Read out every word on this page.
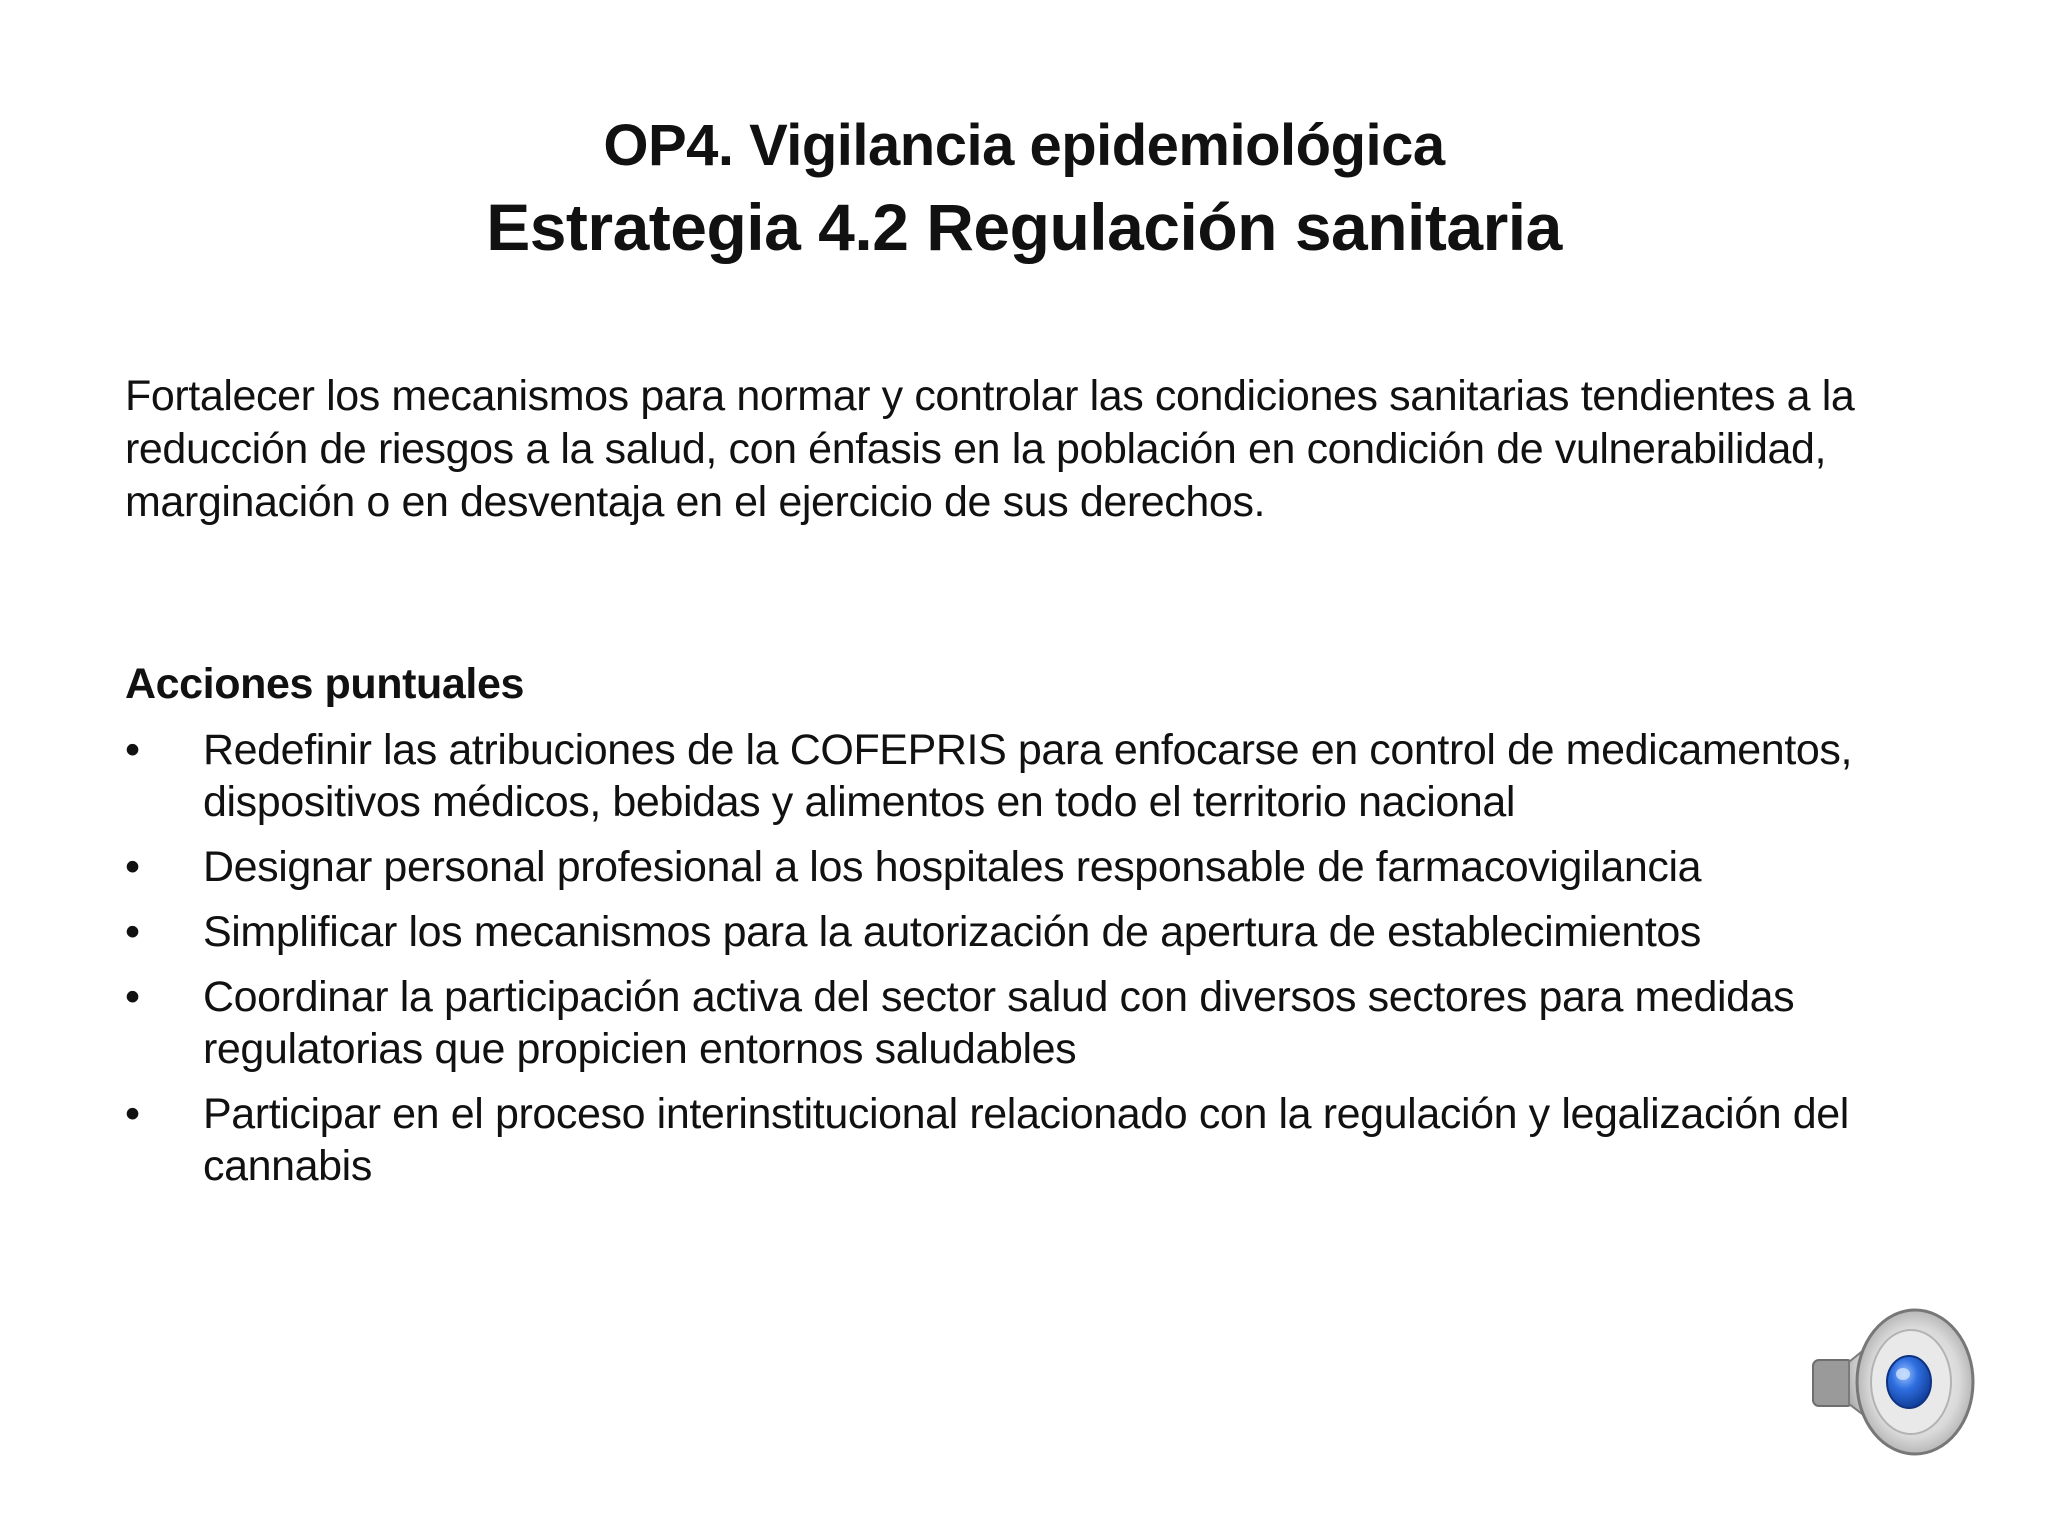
OP4. Vigilancia epidemiológica
Estrategia 4.2 Regulación sanitaria
Fortalecer los mecanismos para normar y controlar las condiciones sanitarias tendientes a la reducción de riesgos a la salud, con énfasis en la población en condición de vulnerabilidad, marginación o en desventaja en el ejercicio de sus derechos.
Acciones puntuales
• Redefinir las atribuciones de la COFEPRIS para enfocarse en control de medicamentos, dispositivos médicos, bebidas y alimentos en todo el territorio nacional
• Designar personal profesional a los hospitales responsable de farmacovigilancia
• Simplificar los mecanismos para la autorización de apertura de establecimientos
• Coordinar la participación activa del sector salud con diversos sectores para medidas regulatorias que propicien entornos saludables
• Participar en el proceso interinstitucional relacionado con la regulación y legalización del cannabis
